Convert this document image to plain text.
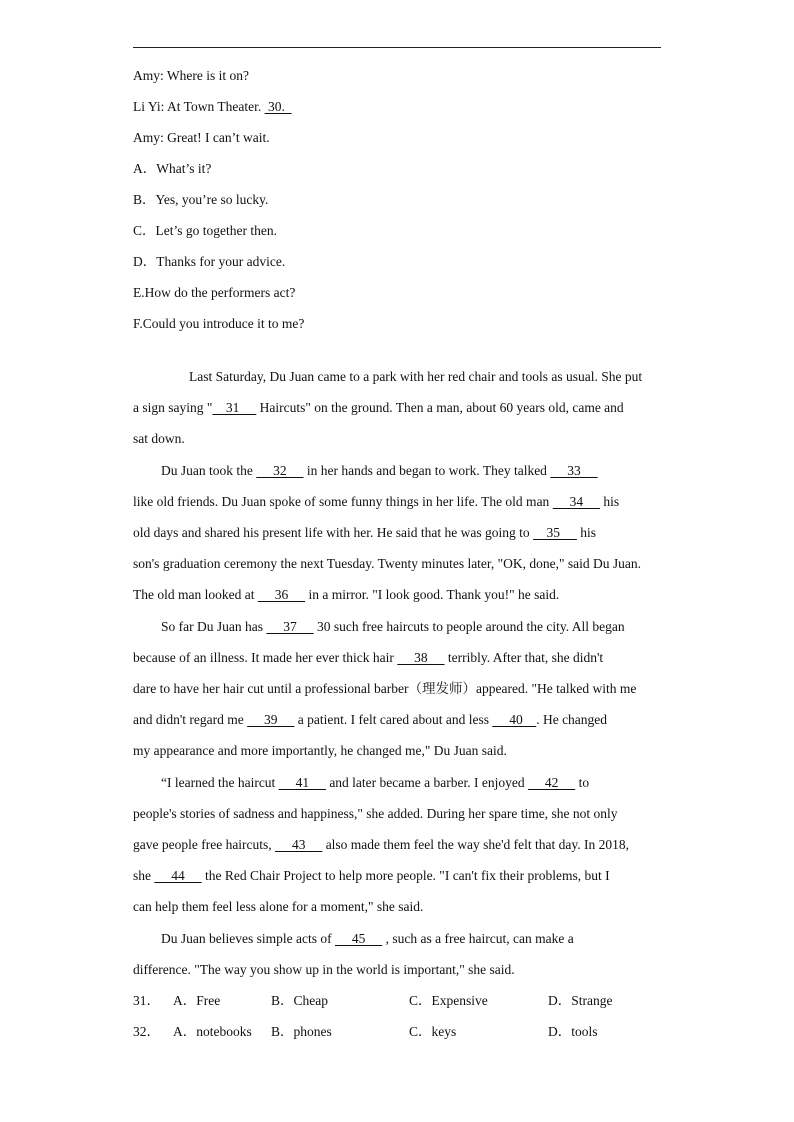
Amy: Where is it on?
Li Yi: At Town Theater.  30.
Amy: Great! I can’t wait.
A．What’s it?
B．Yes, you’re so lucky.
C．Let’s go together then.
D．Thanks for your advice.
E.How do the performers act?
F.Could you introduce it to me?
Last Saturday, Du Juan came to a park with her red chair and tools as usual. She put
a sign saying "    31      Haircuts" on the ground. Then a man, about 60 years old, came and
sat down.
Du Juan took the      32      in her hands and began to work. They talked      33
like old friends. Du Juan spoke of some funny things in her life. The old man      34      his
old days and shared his present life with her. He said that he was going to     35      his
son's graduation ceremony the next Tuesday. Twenty minutes later, "OK, done," said Du Juan.
The old man looked at      36      in a mirror. "I look good. Thank you!" he said.
So far Du Juan has      37      30 such free haircuts to people around the city. All began
because of an illness. It made her ever thick hair      38      terribly. After that, she didn't
dare to have her hair cut until a professional barber（理发师）appeared. "He talked with me
and didn't regard me      39      a patient. I felt cared about and less      40    . He changed
my appearance and more importantly, he changed me," Du Juan said.
“I learned the haircut      41      and later became a barber. I enjoyed      42      to
people's stories of sadness and happiness," she added. During her spare time, she not only
gave people free haircuts,      43      also made them feel the way she'd felt that day. In 2018,
she      44      the Red Chair Project to help more people. "I can't fix their problems, but I
can help them feel less alone for a moment," she said.
Du Juan believes simple acts of      45      , such as a free haircut, can make a
difference. "The way you show up in the world is important," she said.
31． A．Free	B．Cheap	C．Expensive	D．Strange
32． A．notebooks B．phones	C．keys	D．tools
